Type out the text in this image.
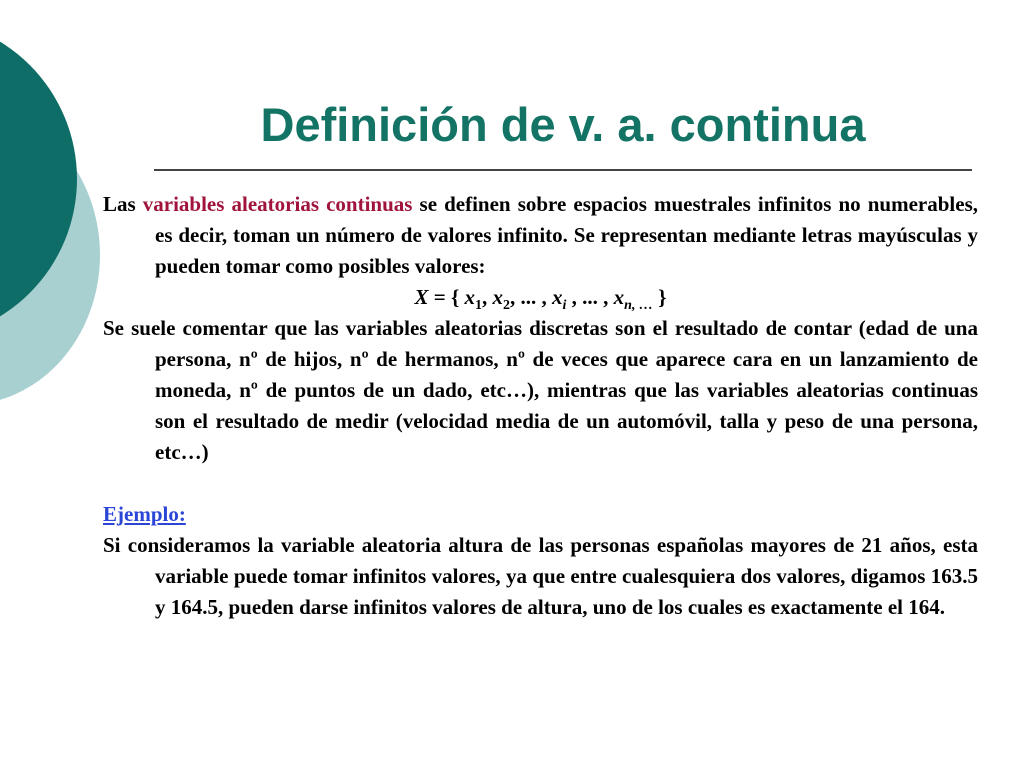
Definición de v. a. continua

Las variables aleatorias continuas se definen sobre espacios muestrales infinitos no numerables, es decir, toman un número de valores infinito. Se representan mediante letras mayúsculas y pueden tomar como posibles valores:

X = { $x_1$, $x_2$, ... , $x_i$ , ... , $x_{n, \dots}$ }

Se suele comentar que las variables aleatorias discretas son el resultado de contar (edad de una persona, nº de hijos, nº de hermanos, nº de veces que aparece cara en un lanzamiento de moneda, nº de puntos de un dado, etc…), mientras que las variables aleatorias continuas son el resultado de medir (velocidad media de un automóvil, talla y peso de una persona, etc…)

Ejemplo:

Si consideramos la variable aleatoria altura de las personas españolas mayores de 21 años, esta variable puede tomar infinitos valores, ya que entre cualesquiera dos valores, digamos 163.5 y 164.5, pueden darse infinitos valores de altura, uno de los cuales es exactamente el 164.
